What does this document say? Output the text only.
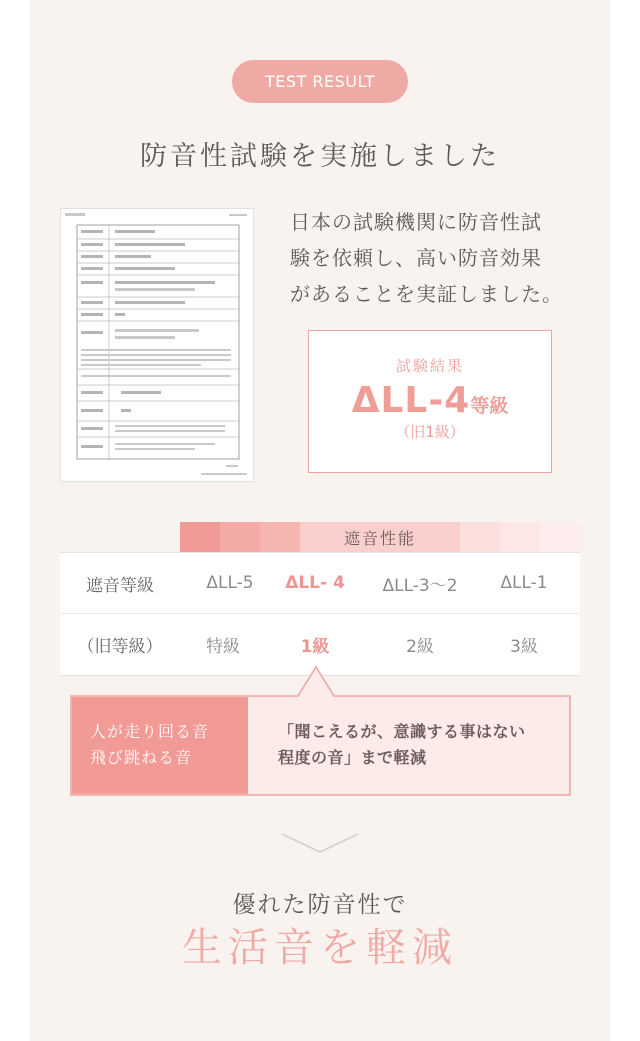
TEST RESULT
防音性試験を実施しました
日本の試験機関に防音性試
験を依頼し、高い防音効果
があることを実証しました。
試験結果
ΔLL-4等級
（旧1級）
遮音性能
遮音等級	ΔLL-5	ΔLL- 4	ΔLL-3～2	ΔLL-1
（旧等級）	特級	1級	2級	3級
人が走り回る音
飛び跳ねる音
「聞こえるが、意識する事はない
程度の音」まで軽減
優れた防音性で
生活音を軽減
